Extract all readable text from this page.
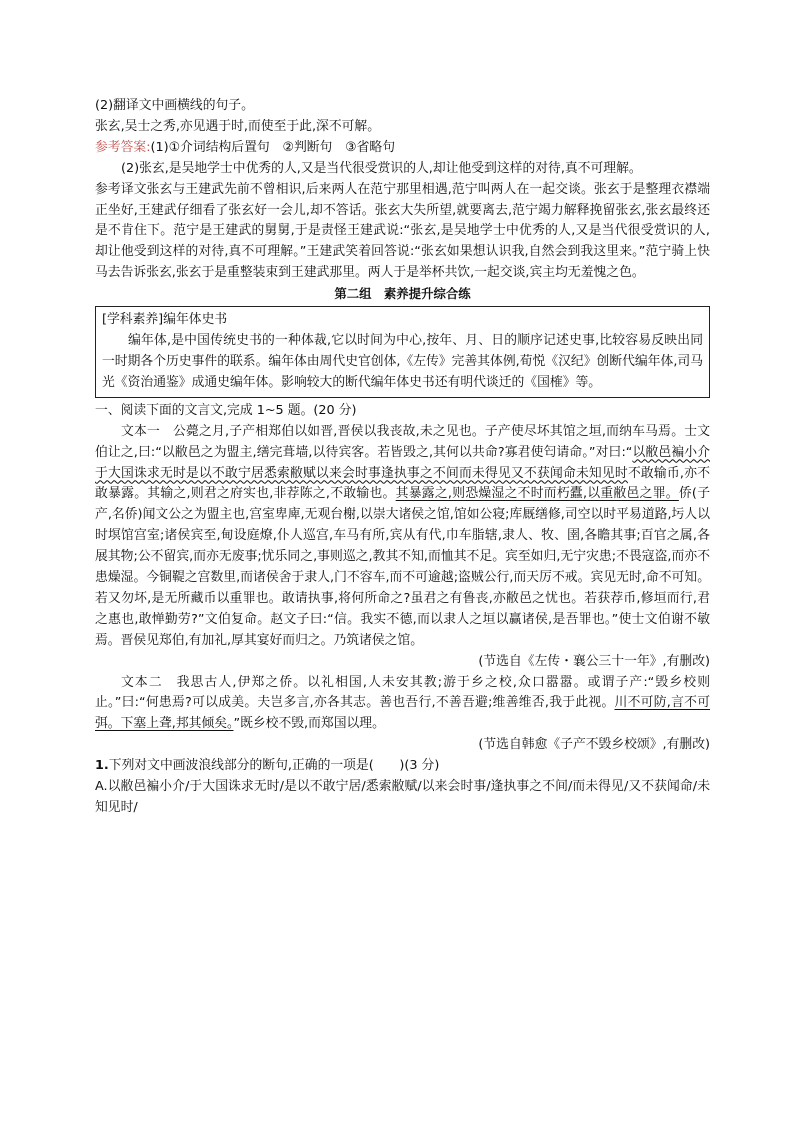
(2)翻译文中画横线的句子。

张玄,吴士之秀,亦见遇于时,而使至于此,深不可解。

参考答案:(1)①介词结构后置句　②判断句　③省略句

(2)张玄,是吴地学士中优秀的人,又是当代很受赏识的人,却让他受到这样的对待,真不可理解。

参考译文张玄与王建武先前不曾相识,后来两人在范宁那里相遇,范宁叫两人在一起交谈。张玄于是整理衣襟端正坐好,王建武仔细看了张玄好一会儿,却不答话。张玄大失所望,就要离去,范宁竭力解释挽留张玄,张玄最终还是不肯住下。范宁是王建武的舅舅,于是责怪王建武说:“张玄,是吴地学士中优秀的人,又是当代很受赏识的人,却让他受到这样的对待,真不可理解。”王建武笑着回答说:“张玄如果想认识我,自然会到我这里来。”范宁骑上快马去告诉张玄,张玄于是重整装束到王建武那里。两人于是举杯共饮,一起交谈,宾主均无羞愧之色。

第二组　素养提升综合练

[学科素养]编年体史书

编年体,是中国传统史书的一种体裁,它以时间为中心,按年、月、日的顺序记述史事,比较容易反映出同一时期各个历史事件的联系。编年体由周代史官创体,《左传》完善其体例,荀悦《汉纪》创断代编年体,司马光《资治通鉴》成通史编年体。影响较大的断代编年体史书还有明代谈迁的《国榷》等。

一、阅读下面的文言文,完成 1~5 题。(20 分)

文本一　公薨之月,子产相郑伯以如晋,晋侯以我丧故,未之见也。子产使尽坏其馆之垣,而纳车马焉。士文伯让之,曰:“以敝邑之为盟主,缮完葺墙,以待宾客。若皆毁之,其何以共命?寡君使匄请命。”对曰:“以敝邑褊小介于大国诛求无时是以不敢宁居悉索敝赋以来会时事逢执事之不间而未得见又不获闻命未知见时不敢输币,亦不敢暴露。其输之,则君之府实也,非荐陈之,不敢输也。其暴露之,则恐燥湿之不时而朽蠹,以重敝邑之罪。侨(子产,名侨)闻文公之为盟主也,宫室卑庳,无观台榭,以崇大诸侯之馆,馆如公寝;库厩缮修,司空以时平易道路,圬人以时塓馆宫室;诸侯宾至,甸设庭燎,仆人巡宫,车马有所,宾从有代,巾车脂辖,隶人、牧、圉,各瞻其事;百官之属,各展其物;公不留宾,而亦无废事;忧乐同之,事则巡之,教其不知,而恤其不足。宾至如归,无宁灾患;不畏寇盗,而亦不患燥湿。今铜鞮之宫数里,而诸侯舍于隶人,门不容车,而不可逾越;盗贼公行,而天厉不戒。宾见无时,命不可知。若又勿坏,是无所藏币以重罪也。敢请执事,将何所命之?虽君之有鲁丧,亦敝邑之忧也。若获荐币,修垣而行,君之惠也,敢惮勤劳?”文伯复命。赵文子曰:“信。我实不德,而以隶人之垣以赢诸侯,是吾罪也。”使士文伯谢不敏焉。晋侯见郑伯,有加礼,厚其宴好而归之。乃筑诸侯之馆。

(节选自《左传・襄公三十一年》,有删改)

文本二　我思古人,伊郑之侨。以礼相国,人未安其教;游于乡之校,众口嚣嚣。或谓子产:“毁乡校则止。”曰:“何患焉?可以成美。夫岂多言,亦各其志。善也吾行,不善吾避;维善维否,我于此视。川不可防,言不可弭。下塞上聋,邦其倾矣。”既乡校不毁,而郑国以理。

(节选自韩愈《子产不毁乡校颂》,有删改)

1.下列对文中画波浪线部分的断句,正确的一项是(　　)(3 分)

A.以敝邑褊小介/于大国诛求无时/是以不敢宁居/悉索敝赋/以来会时事/逢执事之不间/而未得见/又不获闻命/未知见时/
